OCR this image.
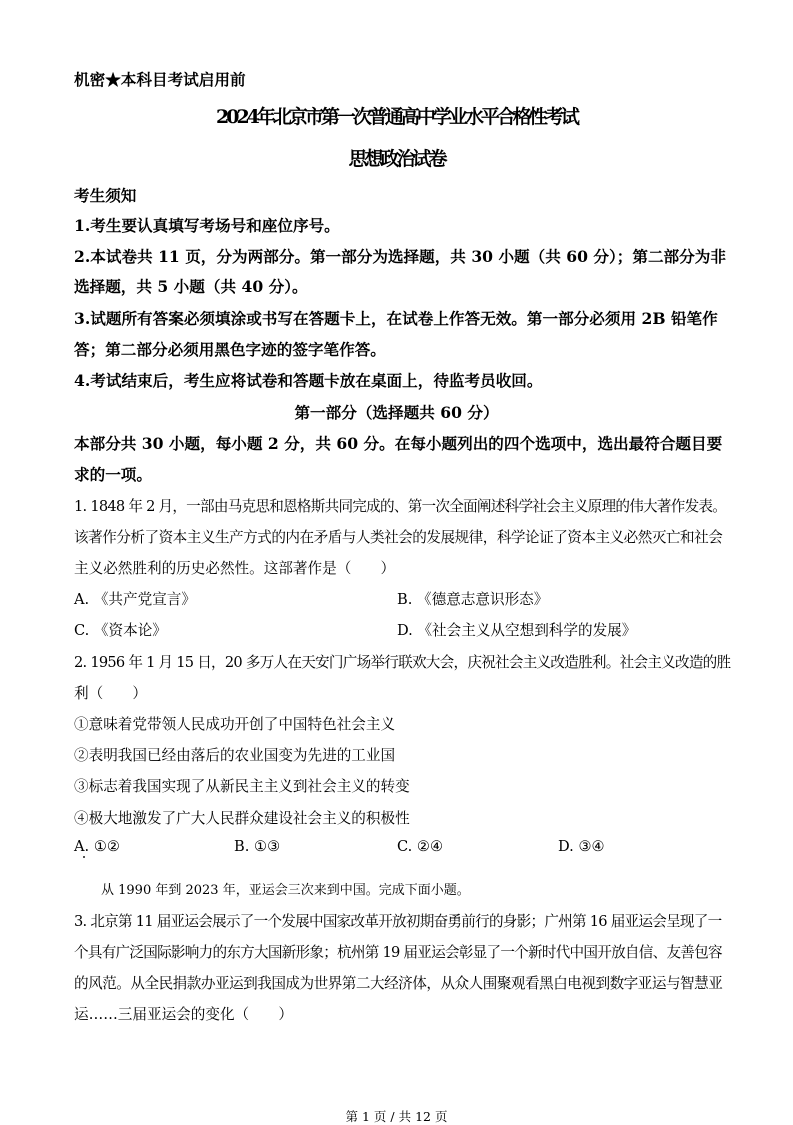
机密★本科目考试启用前
2024年北京市第一次普通高中学业水平合格性考试
思想政治试卷
考生须知
1.考生要认真填写考场号和座位序号。
2.本试卷共 11 页，分为两部分。第一部分为选择题，共 30 小题（共 60 分）；第二部分为非
选择题，共 5 小题（共 40 分）。
3.试题所有答案必须填涂或书写在答题卡上，在试卷上作答无效。第一部分必须用 2B 铅笔作
答；第二部分必须用黑色字迹的签字笔作答。
4.考试结束后，考生应将试卷和答题卡放在桌面上，待监考员收回。
第一部分（选择题共 60 分）
本部分共 30 小题，每小题 2 分，共 60 分。在每小题列出的四个选项中，选出最符合题目要
求的一项。
1. 1848 年 2 月，一部由马克思和恩格斯共同完成的、第一次全面阐述科学社会主义原理的伟大著作发表。
该著作分析了资本主义生产方式的内在矛盾与人类社会的发展规律，科学论证了资本主义必然灭亡和社会
主义必然胜利的历史必然性。这部著作是（　　）
A. 《共产党宣言》	B. 《德意志意识形态》
C. 《资本论》	D. 《社会主义从空想到科学的发展》
2. 1956 年 1 月 15 日，20 多万人在天安门广场举行联欢大会，庆祝社会主义改造胜利。社会主义改造的胜
利（　　）
①意味着党带领人民成功开创了中国特色社会主义
②表明我国已经由落后的农业国变为先进的工业国
③标志着我国实现了从新民主主义到社会主义的转变
④极大地激发了广大人民群众建设社会主义的积极性
A. ①②	B. ①③	C. ②④	D. ③④
从 1990 年到 2023 年，亚运会三次来到中国。完成下面小题。
3. 北京第 11 届亚运会展示了一个发展中国家改革开放初期奋勇前行的身影；广州第 16 届亚运会呈现了一
个具有广泛国际影响力的东方大国新形象；杭州第 19 届亚运会彰显了一个新时代中国开放自信、友善包容
的风范。从全民捐款办亚运到我国成为世界第二大经济体，从众人围聚观看黑白电视到数字亚运与智慧亚
运……三届亚运会的变化（　　）
第 1 页 / 共 12 页
